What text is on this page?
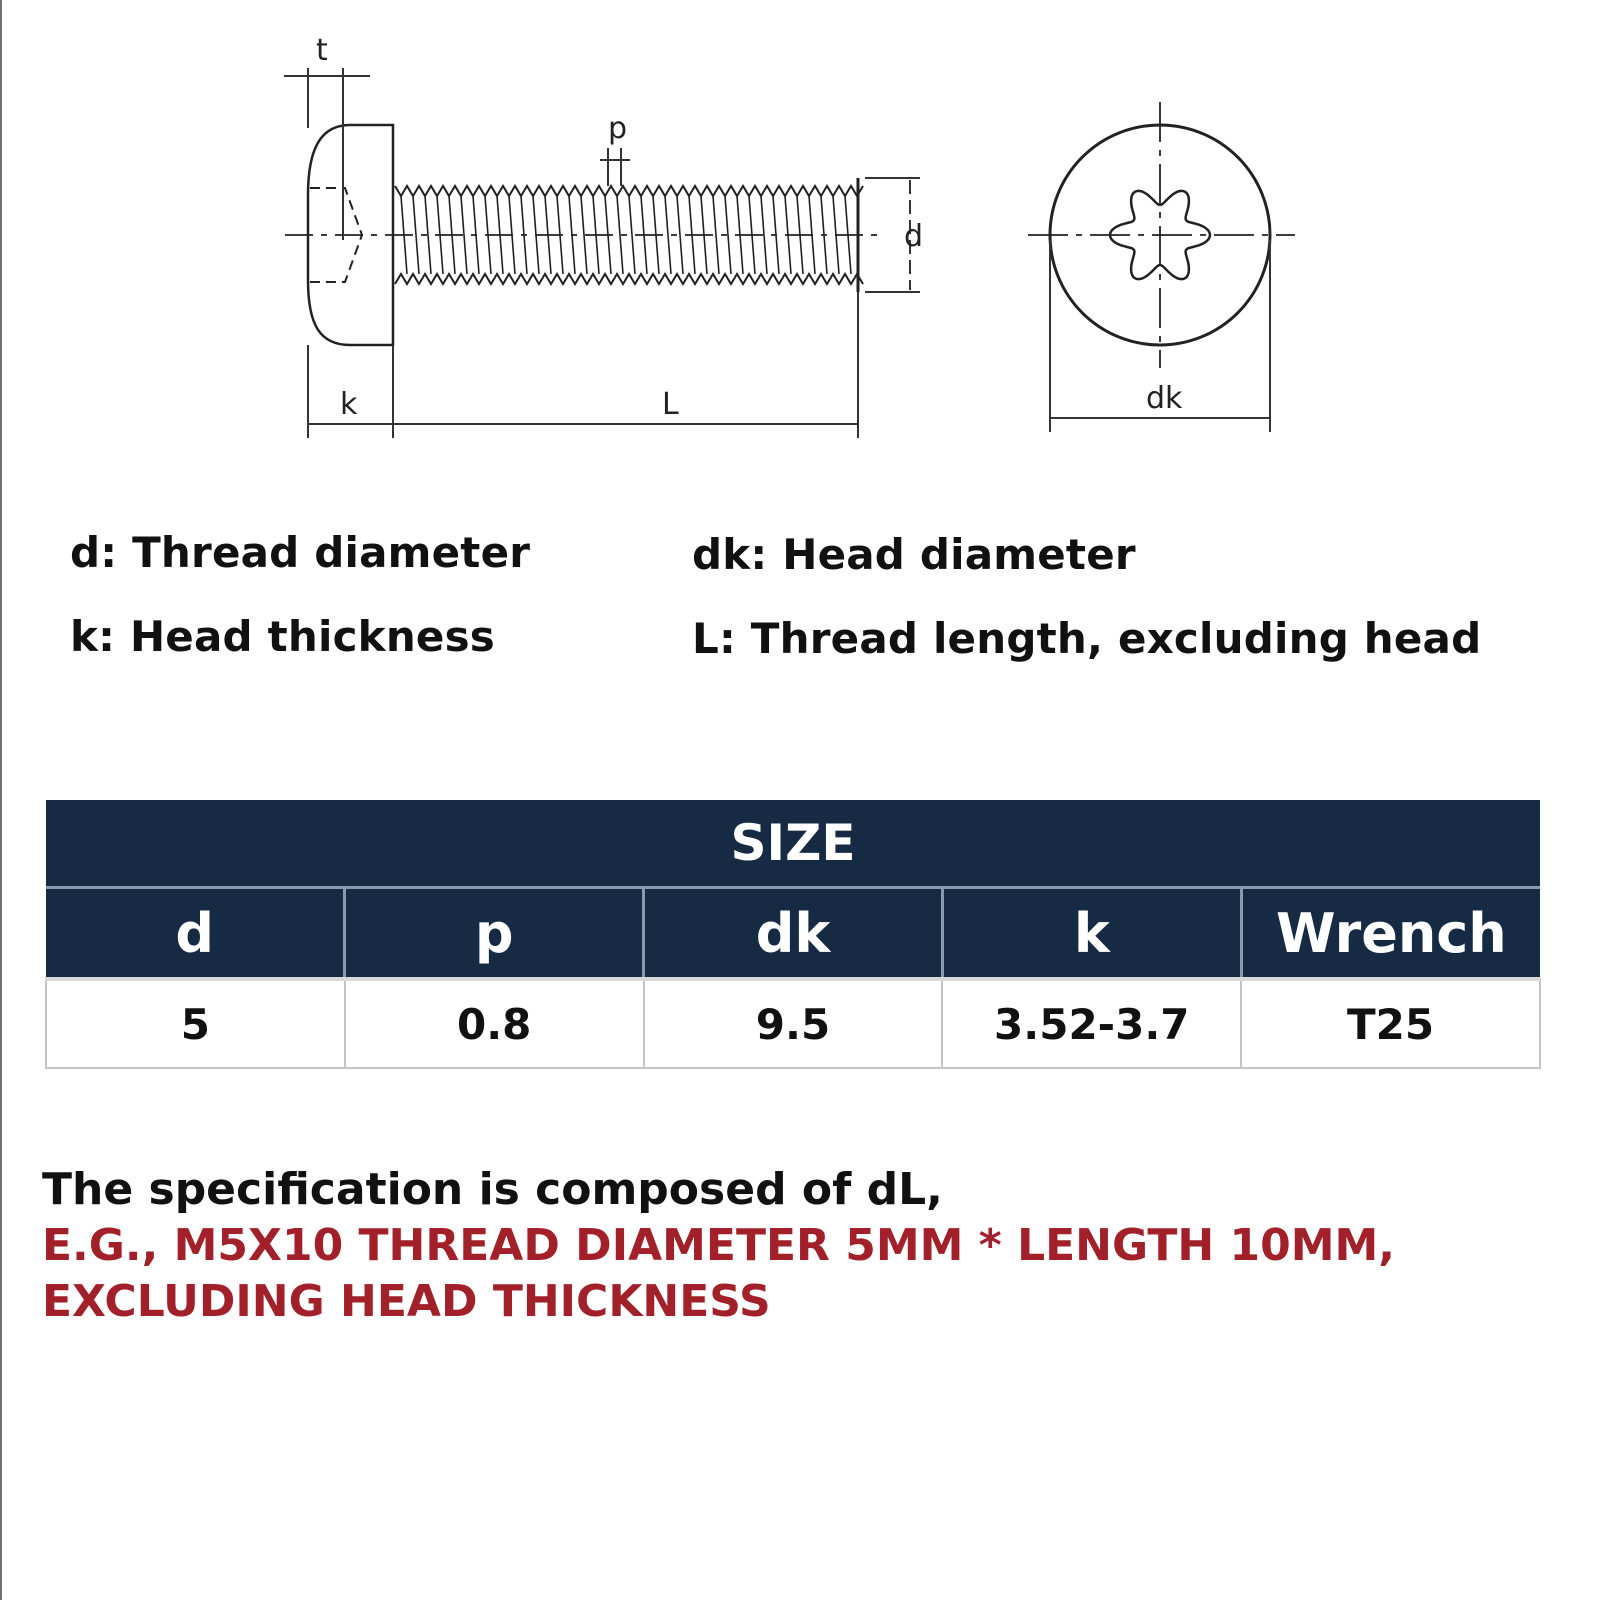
t
p
d
k	L	dk
d: Thread diameter
k: Head thickness
dk: Head diameter
L: Thread length, excluding head
SIZE				
d	p	dk	k	Wrench
5	0.8	9.5	3.52-3.7	T25
The specification is composed of dL,
E.G., M5X10 THREAD DIAMETER 5MM * LENGTH 10MM,
EXCLUDING HEAD THICKNESS
